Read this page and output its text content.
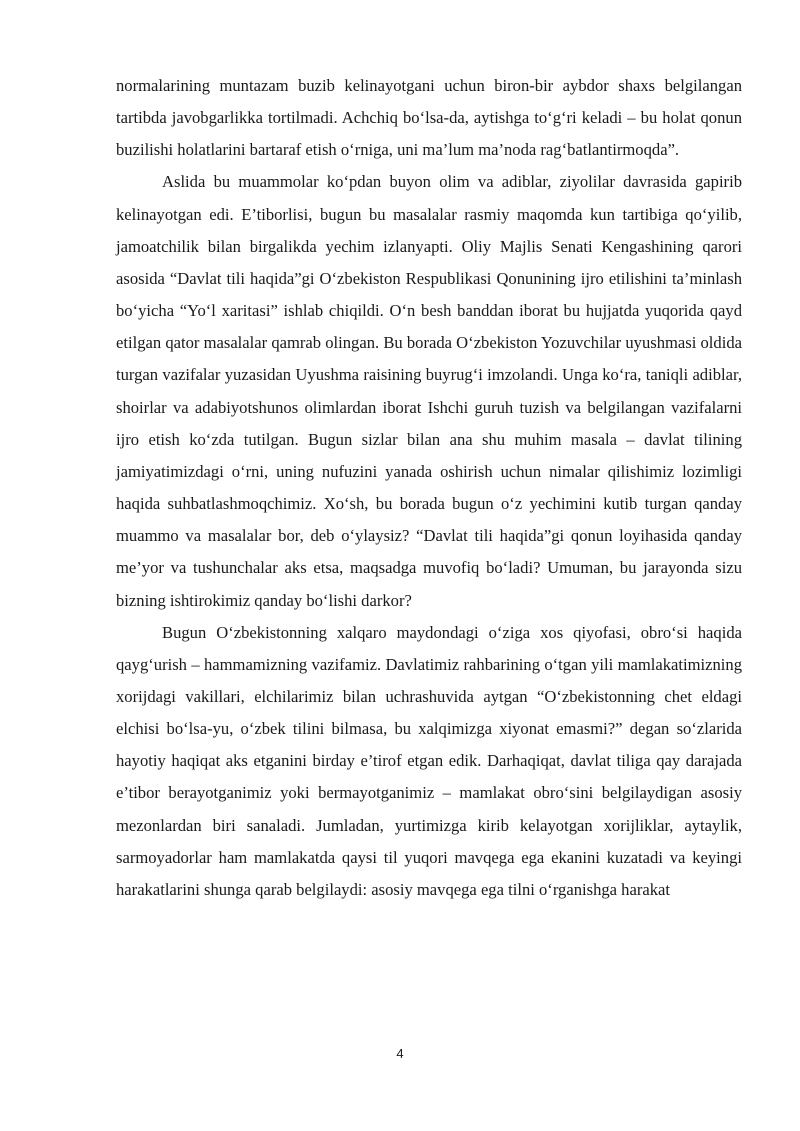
normalarining muntazam buzib kelinayotgani uchun biron-bir aybdor shaxs belgilangan tartibda javobgarlikka tortilmadi. Achchiq bo‘lsa-da, aytishga to‘g‘ri keladi – bu holat qonun buzilishi holatlarini bartaraf etish o‘rniga, uni ma’lum ma’noda rag‘batlantirmoqda”.

Aslida bu muammolar ko‘pdan buyon olim va adiblar, ziyolilar davrasida gapirib kelinayotgan edi. E’tiborlisi, bugun bu masalalar rasmiy maqomda kun tartibiga qo‘yilib, jamoatchilik bilan birgalikda yechim izlanyapti. Oliy Majlis Senati Kengashining qarori asosida “Davlat tili haqida”gi O‘zbekiston Respublikasi Qonunining ijro etilishini ta’minlash bo‘yicha “Yo‘l xaritasi” ishlab chiqildi. O‘n besh banddan iborat bu hujjatda yuqorida qayd etilgan qator masalalar qamrab olingan. Bu borada O‘zbekiston Yozuvchilar uyushmasi oldida turgan vazifalar yuzasidan Uyushma raisining buyrug‘i imzolandi. Unga ko‘ra, taniqli adiblar, shoirlar va adabiyotshunos olimlardan iborat Ishchi guruh tuzish va belgilangan vazifalarni ijro etish ko‘zda tutilgan. Bugun sizlar bilan ana shu muhim masala – davlat tilining jamiyatimizdagi o‘rni, uning nufuzini yanada oshirish uchun nimalar qilishimiz lozimligi haqida suhbatlashmoqchimiz. Xo‘sh, bu borada bugun o‘z yechimini kutib turgan qanday muammo va masalalar bor, deb o‘ylaysiz? “Davlat tili haqida”gi qonun loyihasida qanday me’yor va tushunchalar aks etsa, maqsadga muvofiq bo‘ladi? Umuman, bu jarayonda sizu bizning ishtirokimiz qanday bo‘lishi darkor?

Bugun O‘zbekistonning xalqaro maydondagi o‘ziga xos qiyofasi, obro‘si haqida qayg‘urish – hammamizning vazifamiz. Davlatimiz rahbarining o‘tgan yili mamlakatimizning xorijdagi vakillari, elchilarimiz bilan uchrashuvida aytgan “O‘zbekistonning chet eldagi elchisi bo‘lsa-yu, o‘zbek tilini bilmasa, bu xalqimizga xiyonat emasmi?” degan so‘zlarida hayotiy haqiqat aks etganini birday e’tirof etgan edik. Darhaqiqat, davlat tiliga qay darajada e’tibor berayotganimiz yoki bermayotganimiz – mamlakat obro‘sini belgilaydigan asosiy mezonlardan biri sanaladi. Jumladan, yurtimizga kirib kelayotgan xorijliklar, aytaylik, sarmoyadorlar ham mamlakatda qaysi til yuqori mavqega ega ekanini kuzatadi va keyingi harakatlarini shunga qarab belgilaydi: asosiy mavqega ega tilni o‘rganishga harakat

4
